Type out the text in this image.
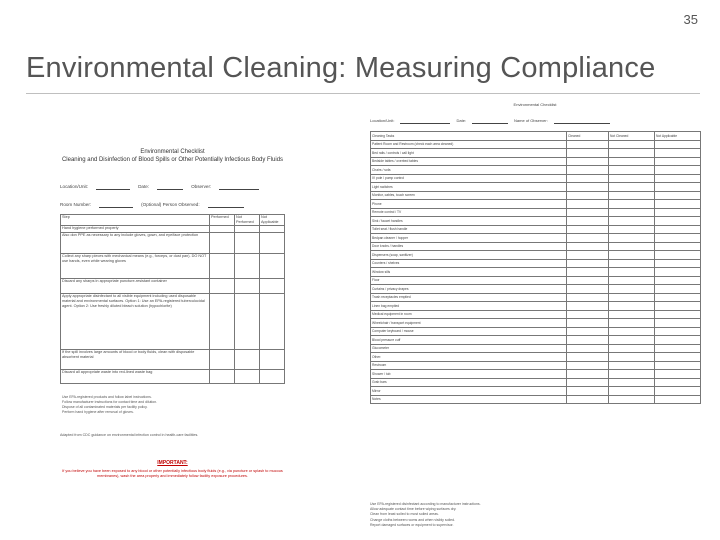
35
Environmental Cleaning: Measuring Compliance
Environmental Checklist
Cleaning and Disinfection of Blood Spills or Other Potentially Infectious Body Fluids
Location/Unit:	Date:	Observer:
Room Number:	(Optional) Person Observed:
Step	Performed	Not Performed	Not Applicable
Hand hygiene performed properly			
Also don PPE as necessary to any include gloves, gown, and eye/face protection			
Collect any sharp pieces with mechanical means (e.g., forceps, or dust pan). DO NOT use hands, even while wearing gloves			
Discard any sharps in appropriate puncture-resistant container			
Apply appropriate disinfectant to all visible equipment including used disposable material and environmental surfaces. Option 1: Use an EPA-registered tuberculocidal agent. Option 2: Use freshly diluted bleach solution (hypochlorite)			
If the spill involves large amounts of blood or body fluids, clean with disposable absorbent material			
Discard all appropriate waste into red-lined waste bag			
Use EPA-registered products and follow label instructions.
Follow manufacturer instructions for contact time and dilution.
Dispose of all contaminated materials per facility policy.
Perform hand hygiene after removal of gloves.
Adapted from CDC guidance on environmental infection control in health-care facilities.
IMPORTANT:
If you believe you have been exposed to any blood or other potentially infectious body fluids (e.g., via puncture or splash to mucous membranes), wash the area properly and immediately follow facility exposure procedures.
Environmental Checklist
Location/Unit:	Date:	Name of Observer:
Cleaning Tasks	Cleaned	Not Cleaned	Not Applicable
Patient Room and Restroom (check each area cleaned)			
Bed rails / controls / call light			
Bedside tables / overbed tables			
Chairs / sofa			
IV pole / pump control			
Light switches			
Monitor, cables, touch screen			
Phone			
Remote control / TV			
Sink / faucet handles			
Toilet seat / flush handle			
Bedpan cleaner / hopper			
Door knobs / handles			
Dispensers (soap, sanitizer)			
Counters / shelves			
Window sills			
Floor			
Curtains / privacy drapes			
Trash receptacles emptied			
Linen bag emptied			
Medical equipment in room			
Wheelchair / transport equipment			
Computer keyboard / mouse			
Blood pressure cuff			
Glucometer			
Other:			
Restroom			
Shower / tub			
Grab bars			
Mirror			
Notes			
Use EPA-registered disinfectant according to manufacturer instructions.
Allow adequate contact time before wiping surfaces dry.
Clean from least soiled to most soiled areas.
Change cloths between rooms and when visibly soiled.
Report damaged surfaces or equipment to supervisor.
